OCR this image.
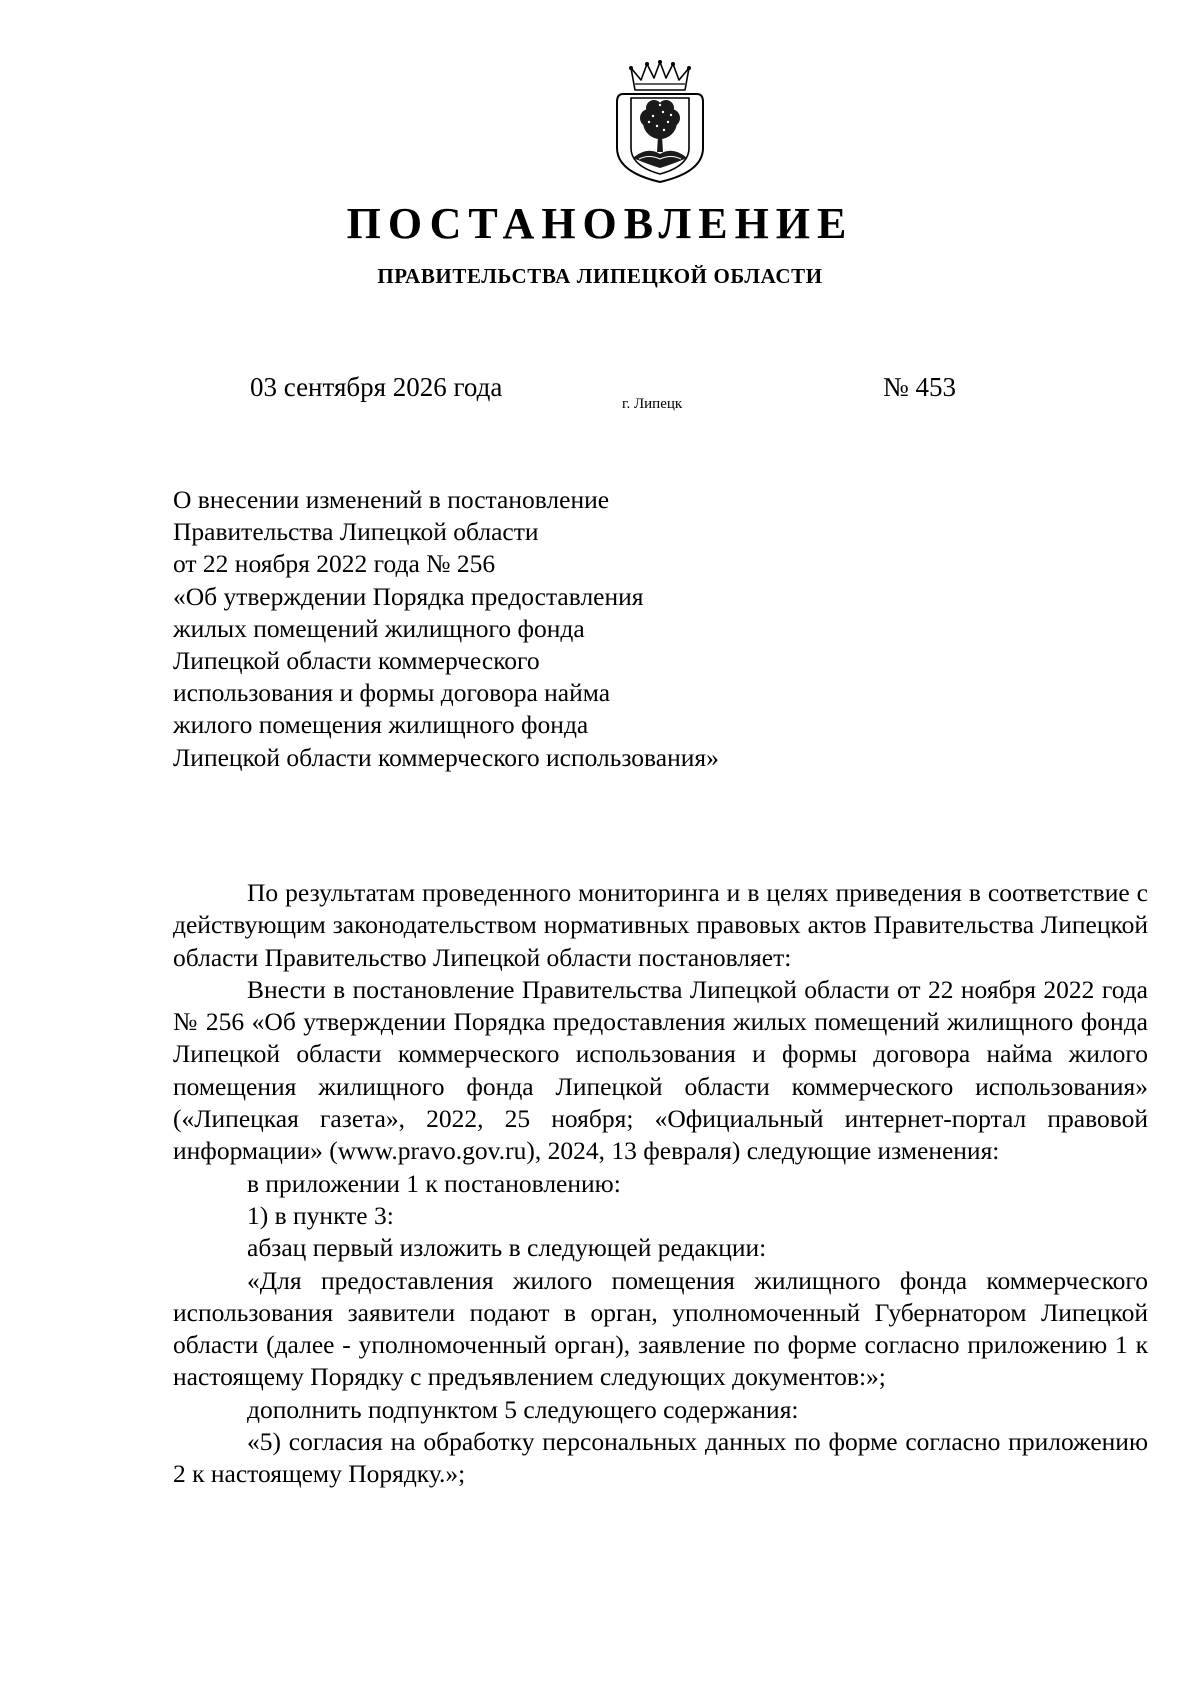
ПОСТАНОВЛЕНИЕ
ПРАВИТЕЛЬСТВА ЛИПЕЦКОЙ ОБЛАСТИ
03 сентября 2026 года
г. Липецк
№ 453
О внесении изменений в постановление
Правительства Липецкой области
от 22 ноября 2022 года № 256
«Об утверждении Порядка предоставления
жилых помещений жилищного фонда
Липецкой области коммерческого
использования и формы договора найма
жилого помещения жилищного фонда
Липецкой области коммерческого использования»

По результатам проведенного мониторинга и в целях приведения в соответствие с действующим законодательством нормативных правовых актов Правительства Липецкой области Правительство Липецкой области постановляет:

Внести в постановление Правительства Липецкой области от 22 ноября 2022 года № 256 «Об утверждении Порядка предоставления жилых помещений жилищного фонда Липецкой области коммерческого использования и формы договора найма жилого помещения жилищного фонда Липецкой области коммерческого использования» («Липецкая газета», 2022, 25 ноября; «Официальный интернет-портал правовой информации» (www.pravo.gov.ru), 2024, 13 февраля) следующие изменения:

в приложении 1 к постановлению:

1) в пункте 3:

абзац первый изложить в следующей редакции:

«Для предоставления жилого помещения жилищного фонда коммерческого использования заявители подают в орган, уполномоченный Губернатором Липецкой области (далее - уполномоченный орган), заявление по форме согласно приложению 1 к настоящему Порядку с предъявлением следующих документов:»;

дополнить подпунктом 5 следующего содержания:

«5) согласия на обработку персональных данных по форме согласно приложению 2 к настоящему Порядку.»;
